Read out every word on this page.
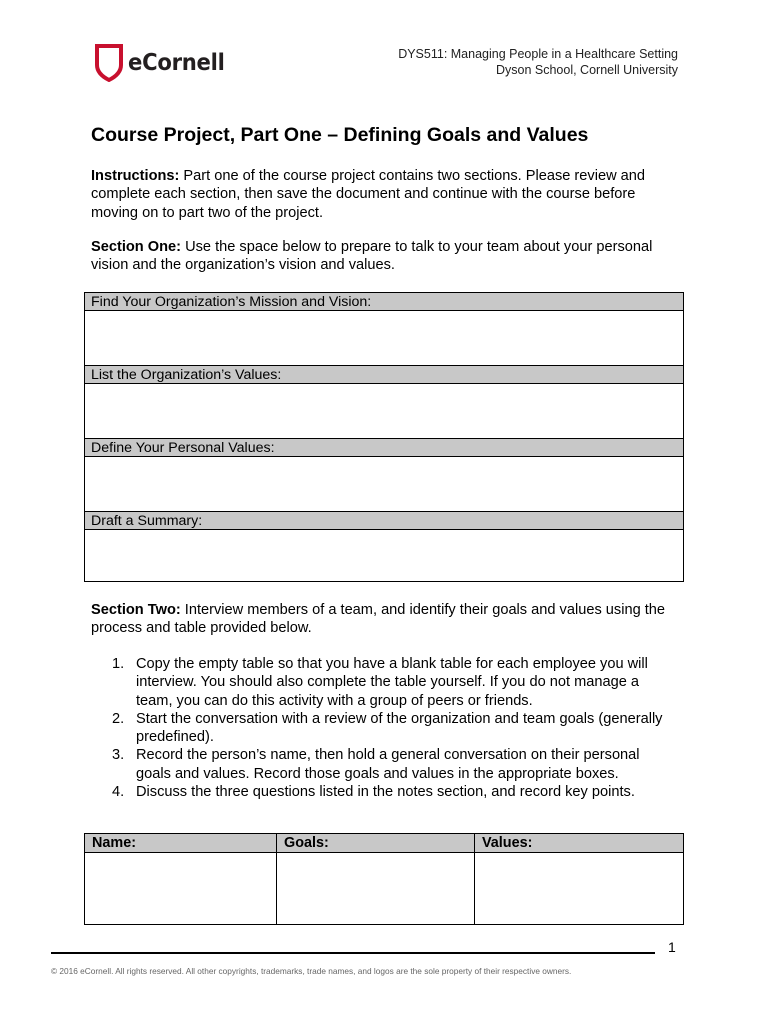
eCornell	DYS511: Managing People in a Healthcare Setting
Dyson School, Cornell University
Course Project, Part One – Defining Goals and Values

Instructions: Part one of the course project contains two sections. Please review and complete each section, then save the document and continue with the course before moving on to part two of the project.

Section One: Use the space below to prepare to talk to your team about your personal vision and the organization’s vision and values.

Find Your Organization’s Mission and Vision:
List the Organization’s Values:
Define Your Personal Values:
Draft a Summary:

Section Two: Interview members of a team, and identify their goals and values using the process and table provided below.

1. Copy the empty table so that you have a blank table for each employee you will interview. You should also complete the table yourself. If you do not manage a team, you can do this activity with a group of peers or friends.
2. Start the conversation with a review of the organization and team goals (generally predefined).
3. Record the person’s name, then hold a general conversation on their personal goals and values. Record those goals and values in the appropriate boxes.
4. Discuss the three questions listed in the notes section, and record key points.
Name:	Goals:	Values:
1
© 2016 eCornell. All rights reserved. All other copyrights, trademarks, trade names, and logos are the sole property of their respective owners.
